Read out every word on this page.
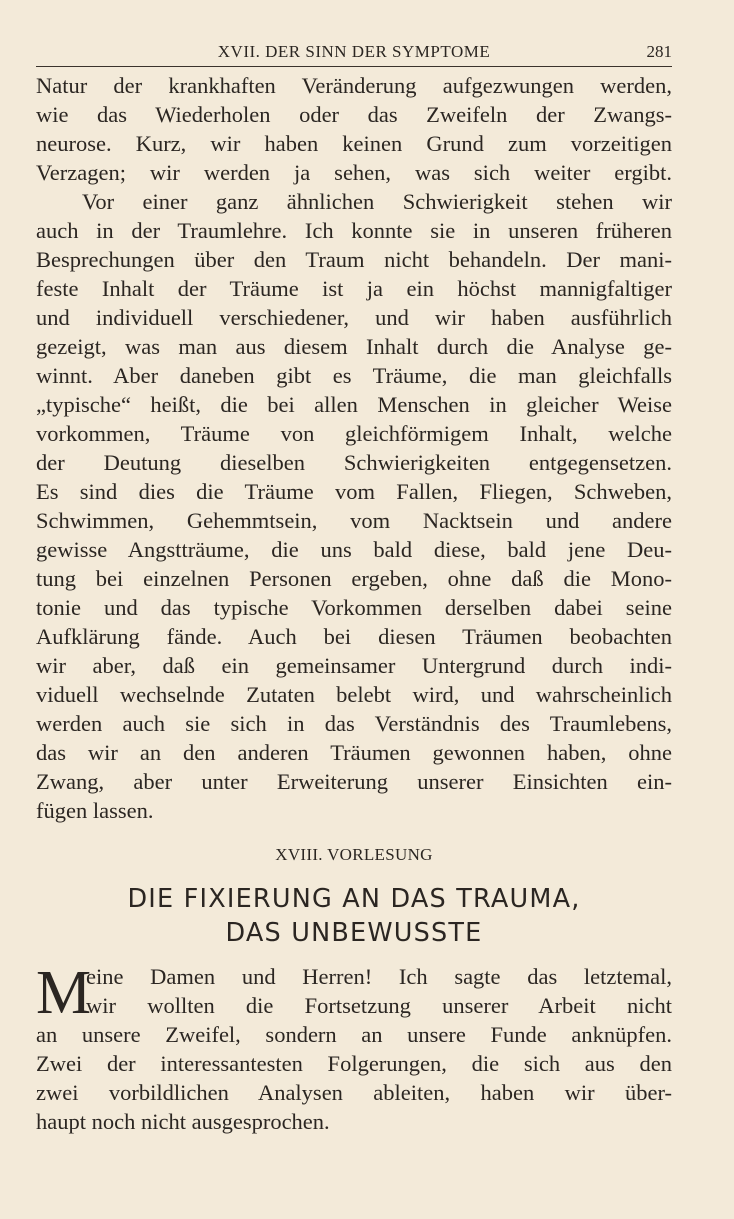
XVII. DER SINN DER SYMPTOME	281
Natur der krankhaften Veränderung aufgezwungen werden,
wie das Wiederholen oder das Zweifeln der Zwangs-
neurose. Kurz, wir haben keinen Grund zum vorzeitigen
Verzagen; wir werden ja sehen, was sich weiter ergibt.
Vor einer ganz ähnlichen Schwierigkeit stehen wir
auch in der Traumlehre. Ich konnte sie in unseren früheren
Besprechungen über den Traum nicht behandeln. Der mani-
feste Inhalt der Träume ist ja ein höchst mannigfaltiger
und individuell verschiedener, und wir haben ausführlich
gezeigt, was man aus diesem Inhalt durch die Analyse ge-
winnt. Aber daneben gibt es Träume, die man gleichfalls
„typische“ heißt, die bei allen Menschen in gleicher Weise
vorkommen, Träume von gleichförmigem Inhalt, welche
der Deutung dieselben Schwierigkeiten entgegensetzen.
Es sind dies die Träume vom Fallen, Fliegen, Schweben,
Schwimmen, Gehemmtsein, vom Nacktsein und andere
gewisse Angstträume, die uns bald diese, bald jene Deu-
tung bei einzelnen Personen ergeben, ohne daß die Mono-
tonie und das typische Vorkommen derselben dabei seine
Aufklärung fände. Auch bei diesen Träumen beobachten
wir aber, daß ein gemeinsamer Untergrund durch indi-
viduell wechselnde Zutaten belebt wird, und wahrscheinlich
werden auch sie sich in das Verständnis des Traumlebens,
das wir an den anderen Träumen gewonnen haben, ohne
Zwang, aber unter Erweiterung unserer Einsichten ein-
fügen lassen.
XVIII. VORLESUNG
DIE FIXIERUNG AN DAS TRAUMA,
DAS UNBEWUSSTE
M
eine Damen und Herren! Ich sagte das letztemal,
wir wollten die Fortsetzung unserer Arbeit nicht
an unsere Zweifel, sondern an unsere Funde anknüpfen.
Zwei der interessantesten Folgerungen, die sich aus den
zwei vorbildlichen Analysen ableiten, haben wir über-
haupt noch nicht ausgesprochen.
